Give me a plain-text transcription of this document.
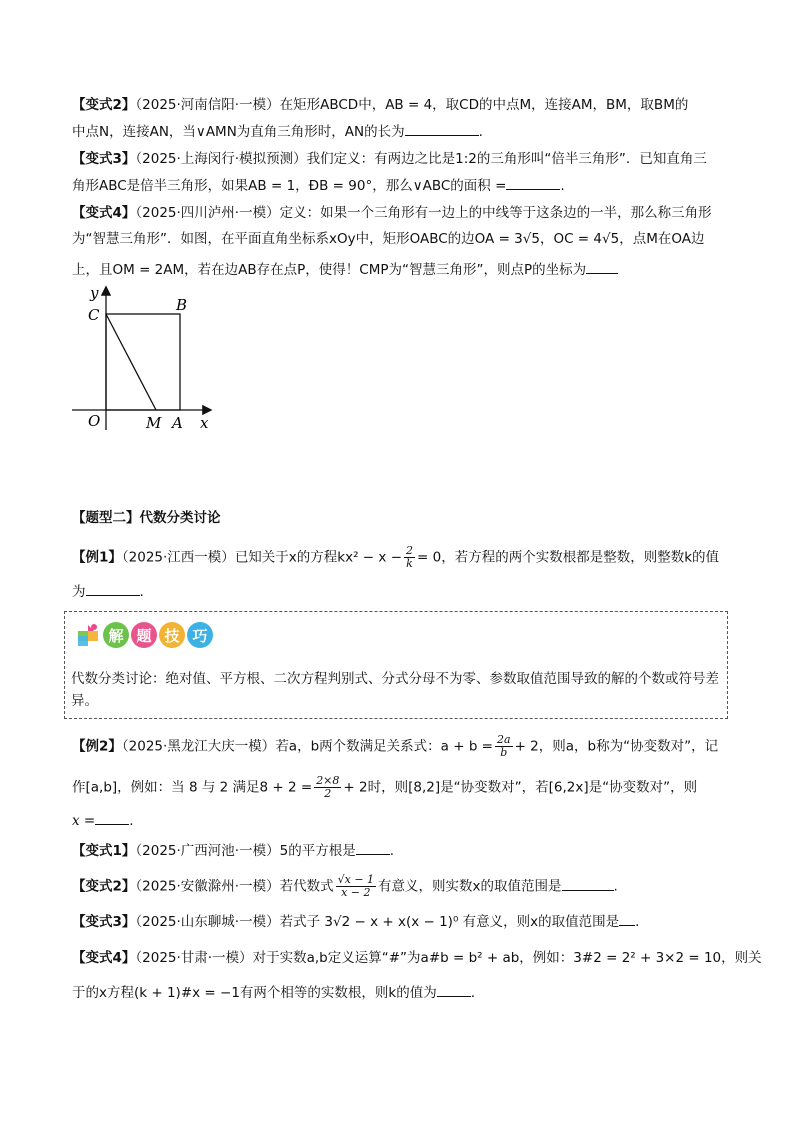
【变式2】（2025·河南信阳·一模）在矩形ABCD中，AB = 4，取CD的中点M，连接AM，BM，取BM的
中点N，连接AN，当∨AMN为直角三角形时，AN的长为	.
【变式3】（2025·上海闵行·模拟预测）我们定义：有两边之比是1:2的三角形叫“倍半三角形”．已知直角三
角形ABC是倍半三角形，如果AB = 1，ÐB = 90°，那么∨ABC的面积 =	.
【变式4】（2025·四川泸州·一模）定义：如果一个三角形有一边上的中线等于这条边的一半，那么称三角形
为“智慧三角形”．如图，在平面直角坐标系xOy中，矩形OABC的边OA = 3√5，OC = 4√5，点M在OA边
上，且OM = 2AM，若在边AB存在点P，使得！CMP为“智慧三角形”，则点P的坐标为
y
C
B
O	M A x
【题型二】代数分类讨论
【例1】（2025·江西一模）已知关于x的方程$kx^2 - x - \frac{2}{k} = 0$，若方程的两个实数根都是整数，则整数k的值
为	.
解 题 技 巧
代数分类讨论：绝对值、平方根、二次方程判别式、分式分母不为零、参数取值范围导致的解的个数或符号差异。
【例2】（2025·黑龙江大庆一模）若a，b两个数满足关系式：$a + b = \frac{2a}{b} + 2$，则a，b称为“协变数对”，记
作[a,b]，例如：当 8 与 2 满足$8 + 2 = \frac{2\times 8}{2} + 2$时，则[8,2]是“协变数对”，若[6,2x]是“协变数对”，则
x =	.
【变式1】（2025·广西河池·一模）5的平方根是	.
【变式2】（2025·安徽滁州·一模）若代数式 $\frac{√x - 1}{x - 2}$ 有意义，则实数x的取值范围是	.
【变式3】（2025·山东聊城·一模）若式子 3√2 − x + x(x − 1)⁰ 有意义，则x的取值范围是 .
【变式4】（2025·甘肃·一模）对于实数a,b定义运算“#”为a#b = b² + ab，例如：3#2 = 2² + 3×2 = 10，则关
于的x方程(k + 1)#x = −1有两个相等的实数根，则k的值为	.
